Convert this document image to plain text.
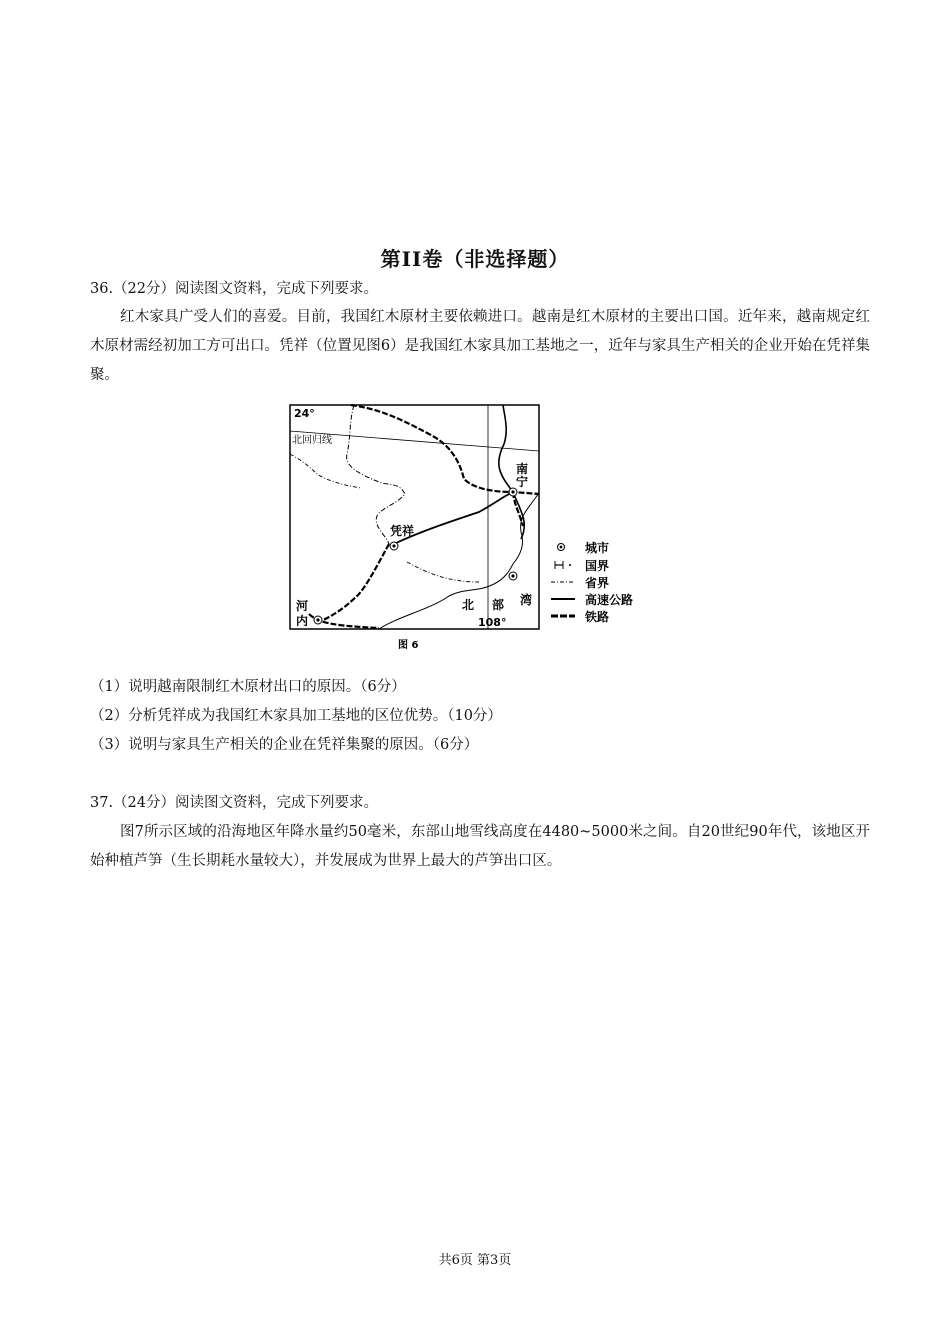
第II卷（非选择题）
36.（22分）阅读图文资料，完成下列要求。
红木家具广受人们的喜爱。目前，我国红木原材主要依赖进口。越南是红木原材的主要出口国。近年来，越南规定红木原材需经初加工方可出口。凭祥（位置见图6）是我国红木家具加工基地之一，近年与家具生产相关的企业开始在凭祥集聚。
24°
北回归线
南
宁
凭祥
河
内
北 部 湾
108°
城市
国界
省界
高速公路
铁路
图 6
（1）说明越南限制红木原材出口的原因。（6分）
（2）分析凭祥成为我国红木家具加工基地的区位优势。（10分）
（3）说明与家具生产相关的企业在凭祥集聚的原因。（6分）
37.（24分）阅读图文资料，完成下列要求。
图7所示区域的沿海地区年降水量约50毫米，东部山地雪线高度在4480~5000米之间。自20世纪90年代，该地区开始种植芦笋（生长期耗水量较大），并发展成为世界上最大的芦笋出口区。
共6页 第3页
